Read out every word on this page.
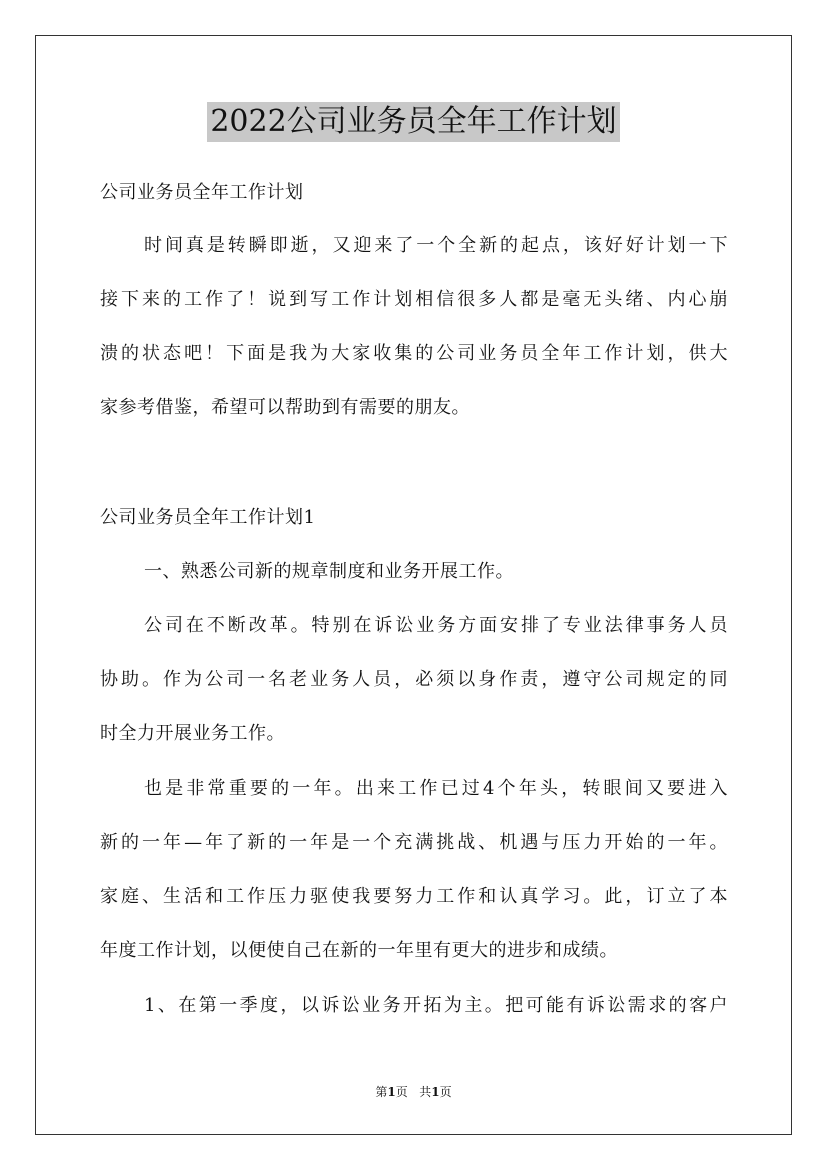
2022公司业务员全年工作计划
公司业务员全年工作计划
时间真是转瞬即逝，又迎来了一个全新的起点，该好好计划一下
接下来的工作了！说到写工作计划相信很多人都是毫无头绪、内心崩
溃的状态吧！下面是我为大家收集的公司业务员全年工作计划，供大
家参考借鉴，希望可以帮助到有需要的朋友。
公司业务员全年工作计划1
一、熟悉公司新的规章制度和业务开展工作。
公司在不断改革。特别在诉讼业务方面安排了专业法律事务人员
协助。作为公司一名老业务人员，必须以身作责，遵守公司规定的同
时全力开展业务工作。
也是非常重要的一年。出来工作已过4个年头，转眼间又要进入
新的一年—年了新的一年是一个充满挑战、机遇与压力开始的一年。
家庭、生活和工作压力驱使我要努力工作和认真学习。此，订立了本
年度工作计划，以便使自己在新的一年里有更大的进步和成绩。
1、在第一季度，以诉讼业务开拓为主。把可能有诉讼需求的客户
第1页   共1页
